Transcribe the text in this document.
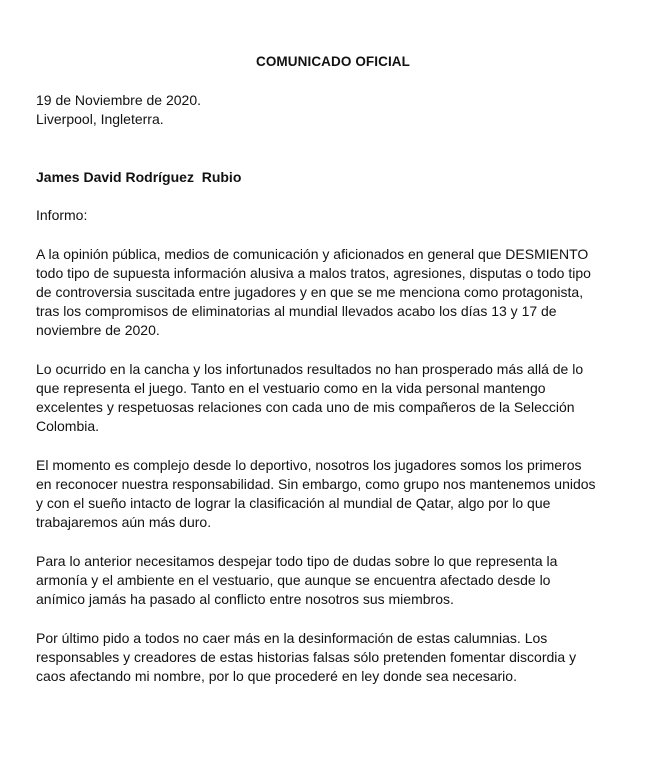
COMUNICADO OFICIAL
19 de Noviembre de 2020.
Liverpool, Ingleterra.
James David Rodríguez  Rubio
Informo:
A la opinión pública, medios de comunicación y aficionados en general que DESMIENTO
todo tipo de supuesta información alusiva a malos tratos, agresiones, disputas o todo tipo
de controversia suscitada entre jugadores y en que se me menciona como protagonista,
tras los compromisos de eliminatorias al mundial llevados acabo los días 13 y 17 de
noviembre de 2020.
Lo ocurrido en la cancha y los infortunados resultados no han prosperado más allá de lo
que representa el juego. Tanto en el vestuario como en la vida personal mantengo
excelentes y respetuosas relaciones con cada uno de mis compañeros de la Selección
Colombia.
El momento es complejo desde lo deportivo, nosotros los jugadores somos los primeros
en reconocer nuestra responsabilidad. Sin embargo, como grupo nos mantenemos unidos
y con el sueño intacto de lograr la clasificación al mundial de Qatar, algo por lo que
trabajaremos aún más duro.
Para lo anterior necesitamos despejar todo tipo de dudas sobre lo que representa la
armonía y el ambiente en el vestuario, que aunque se encuentra afectado desde lo
anímico jamás ha pasado al conflicto entre nosotros sus miembros.
Por último pido a todos no caer más en la desinformación de estas calumnias. Los
responsables y creadores de estas historias falsas sólo pretenden fomentar discordia y
caos afectando mi nombre, por lo que procederé en ley donde sea necesario.
